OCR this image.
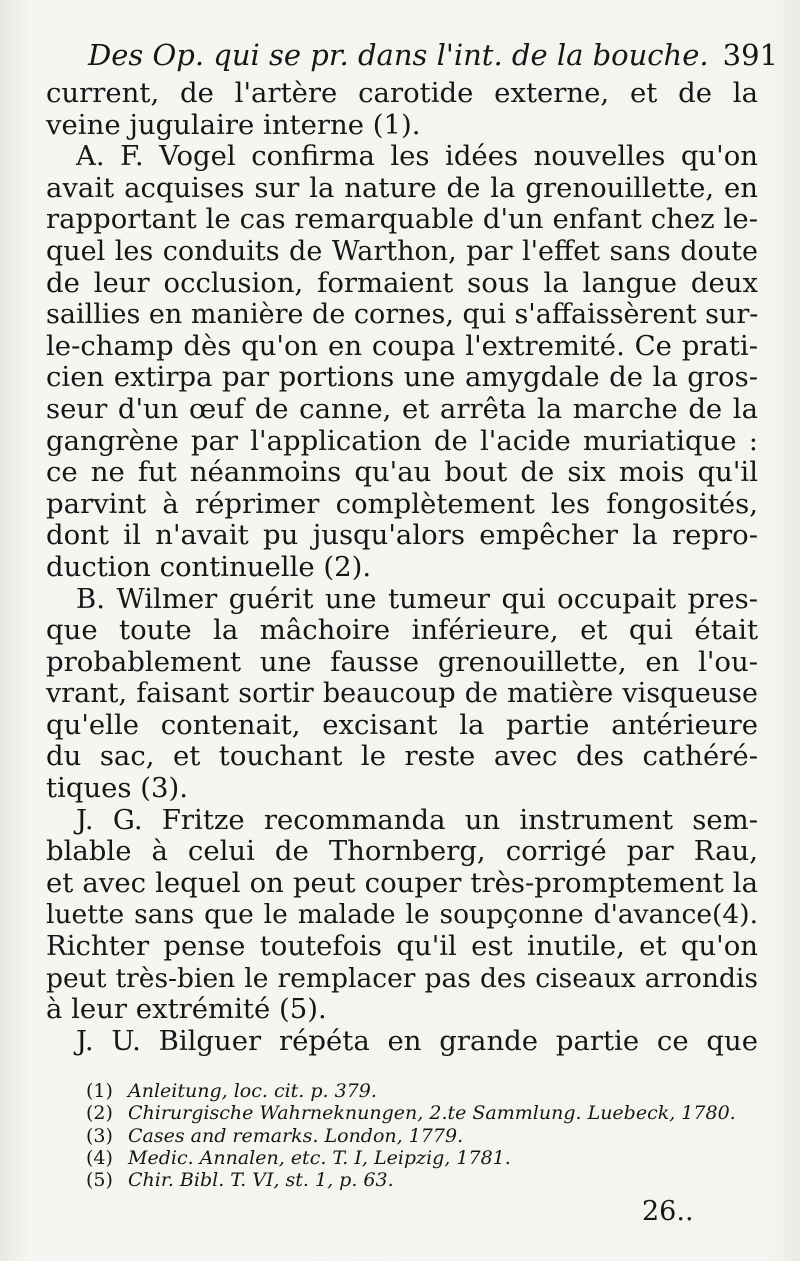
Des Op. qui se pr. dans l'int. de la bouche. 391
current, de l'artère carotide externe, et de la
veine jugulaire interne (1).
A. F. Vogel confirma les idées nouvelles qu'on
avait acquises sur la nature de la grenouillette, en
rapportant le cas remarquable d'un enfant chez le-
quel les conduits de Warthon, par l'effet sans doute
de leur occlusion, formaient sous la langue deux
saillies en manière de cornes, qui s'affaissèrent sur-
le-champ dès qu'on en coupa l'extremité. Ce prati-
cien extirpa par portions une amygdale de la gros-
seur d'un œuf de canne, et arrêta la marche de la
gangrène par l'application de l'acide muriatique :
ce ne fut néanmoins qu'au bout de six mois qu'il
parvint à réprimer complètement les fongosités,
dont il n'avait pu jusqu'alors empêcher la repro-
duction continuelle (2).
B. Wilmer guérit une tumeur qui occupait pres-
que toute la mâchoire inférieure, et qui était
probablement une fausse grenouillette, en l'ou-
vrant, faisant sortir beaucoup de matière visqueuse
qu'elle contenait, excisant la partie antérieure
du sac, et touchant le reste avec des cathéré-
tiques (3).
J. G. Fritze recommanda un instrument sem-
blable à celui de Thornberg, corrigé par Rau,
et avec lequel on peut couper très-promptement la
luette sans que le malade le soupçonne d'avance(4).
Richter pense toutefois qu'il est inutile, et qu'on
peut très-bien le remplacer pas des ciseaux arrondis
à leur extrémité (5).
J. U. Bilguer répéta en grande partie ce que
(1) Anleitung, loc. cit. p. 379.
(2) Chirurgische Wahrneknungen, 2.te Sammlung. Luebeck, 1780.
(3) Cases and remarks. London, 1779.
(4) Medic. Annalen, etc. T. I, Leipzig, 1781.
(5) Chir. Bibl. T. VI, st. 1, p. 63.
26..
